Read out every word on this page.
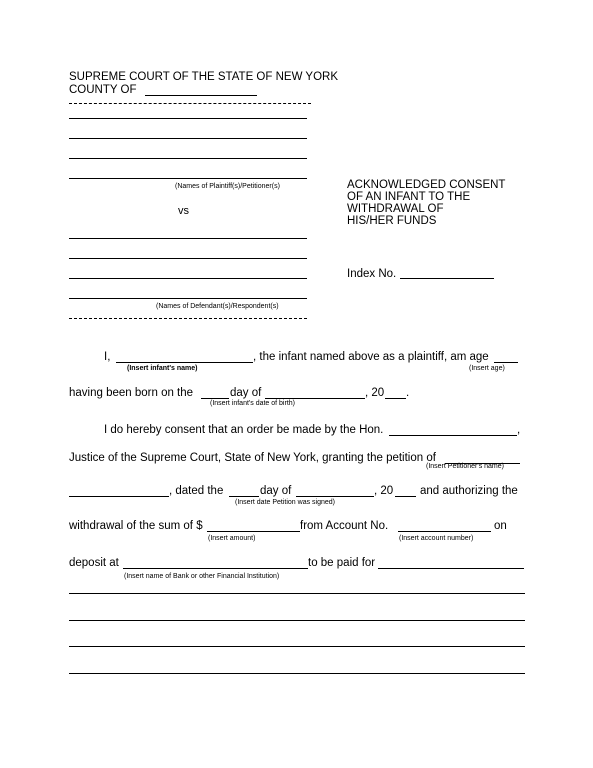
SUPREME COURT OF THE STATE OF NEW YORK
COUNTY OF
(Names of Plaintiff(s)/Petitioner(s)
vs
(Names of Defendant(s)/Respondent(s)
ACKNOWLEDGED CONSENT
OF AN INFANT TO THE
WITHDRAWAL OF
HIS/HER FUNDS
Index No.
I,	, the infant named above as a plaintiff, am age
(Insert infant's name)	(Insert age)
having been born on the	day of	, 20 .
(Insert infant's date of birth)
I do hereby consent that an order be made by the Hon.	,
Justice of the Supreme Court, State of New York, granting the petition of
(Insert Petitioner's name)
, dated the	day of	, 20 and authorizing the
(Insert date Petition was signed)
withdrawal of the sum of $	from Account No.	on
(Insert amount)	(Insert account number)
deposit at	to be paid for
(Insert name of Bank or other Financial Institution)
